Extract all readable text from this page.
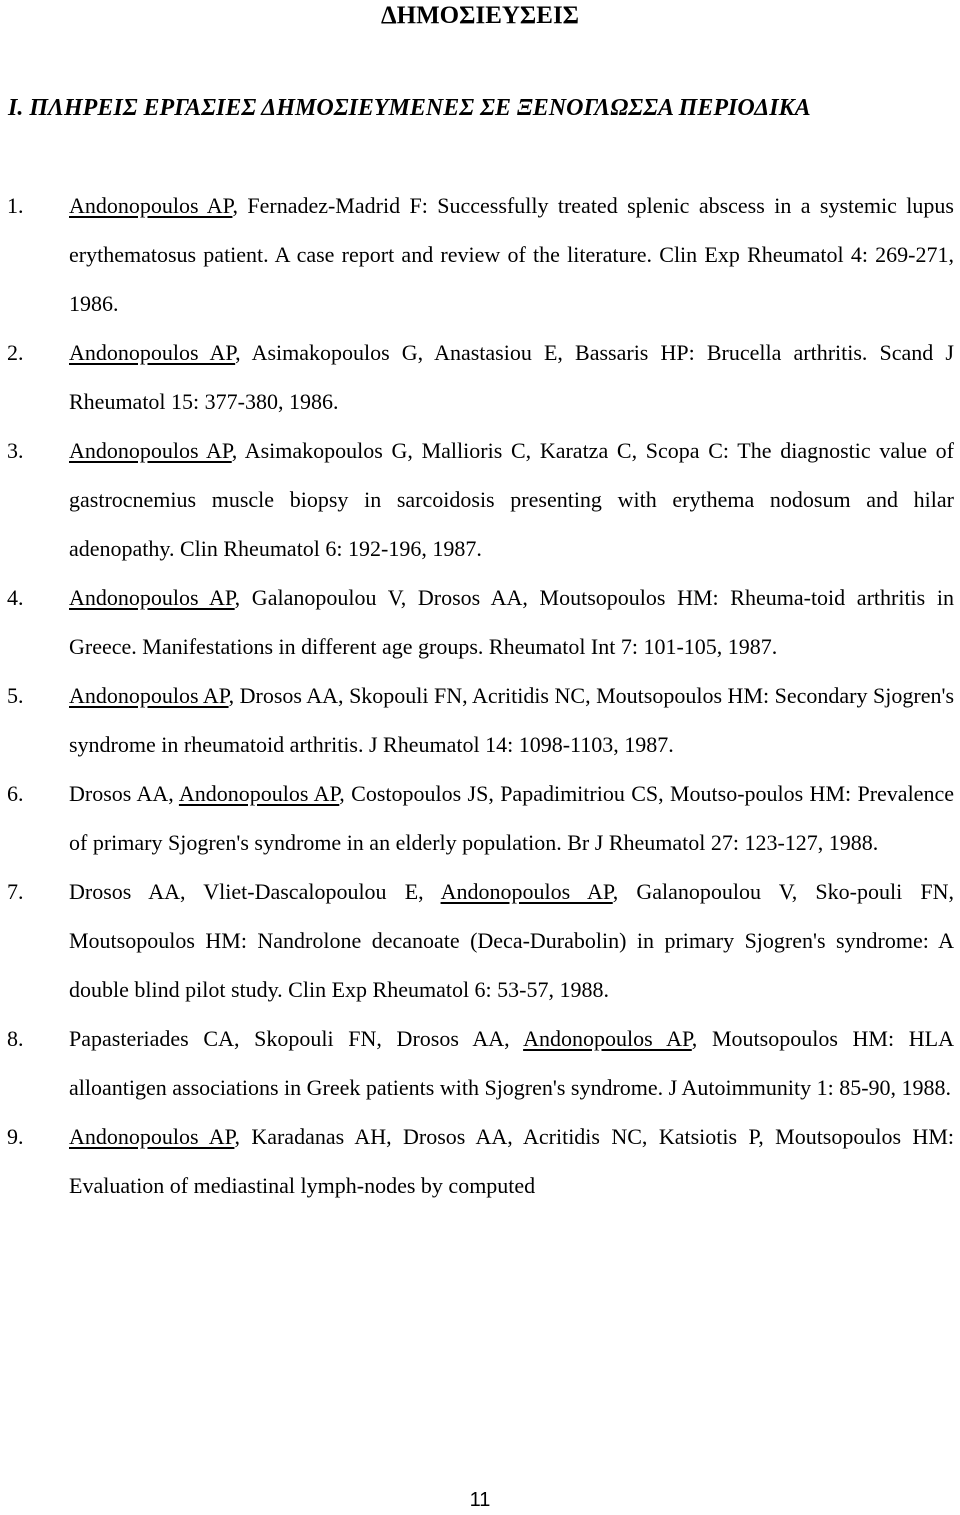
ΔΗΜΟΣΙΕΥΣΕΙΣ
I. ΠΛΗΡΕΙΣ ΕΡΓΑΣΙΕΣ ΔΗΜΟΣΙΕΥΜΕΝΕΣ ΣΕ ΞΕΝΟΓΛΩΣΣΑ ΠΕΡΙΟΔΙΚΑ
1. Andonopoulos AP, Fernadez-Madrid F: Successfully treated splenic abscess in a systemic lupus erythematosus patient. A case report and review of the literature. Clin Exp Rheumatol 4: 269-271, 1986.
2. Andonopoulos AP, Asimakopoulos G, Anastasiou E, Bassaris HP: Brucella arthritis. Scand J Rheumatol 15: 377-380, 1986.
3. Andonopoulos AP, Asimakopoulos G, Mallioris C, Karatza C, Scopa C: The diagnostic value of gastrocnemius muscle biopsy in sarcoidosis presenting with erythema nodosum and hilar adenopathy. Clin Rheumatol 6: 192-196, 1987.
4. Andonopoulos AP, Galanopoulou V, Drosos AA, Moutsopoulos HM: Rheuma-toid arthritis in Greece. Manifestations in different age groups. Rheumatol Int 7: 101-105, 1987.
5. Andonopoulos AP, Drosos AA, Skopouli FN, Acritidis NC, Moutsopoulos HM: Secondary Sjogren's syndrome in rheumatoid arthritis. J Rheumatol 14: 1098-1103, 1987.
6. Drosos AA, Andonopoulos AP, Costopoulos JS, Papadimitriou CS, Moutso-poulos HM: Prevalence of primary Sjogren's syndrome in an elderly population. Br J Rheumatol 27: 123-127, 1988.
7. Drosos AA, Vliet-Dascalopoulou E, Andonopoulos AP, Galanopoulou V, Sko-pouli FN, Moutsopoulos HM: Nandrolone decanoate (Deca-Durabolin) in primary Sjogren's syndrome: A double blind pilot study. Clin Exp Rheumatol 6: 53-57, 1988.
8. Papasteriades CA, Skopouli FN, Drosos AA, Andonopoulos AP, Moutsopoulos HM: HLA alloantigen associations in Greek patients with Sjogren's syndrome. J Autoimmunity 1: 85-90, 1988.
9. Andonopoulos AP, Karadanas AH, Drosos AA, Acritidis NC, Katsiotis P, Moutsopoulos HM: Evaluation of mediastinal lymph-nodes by computed
11
